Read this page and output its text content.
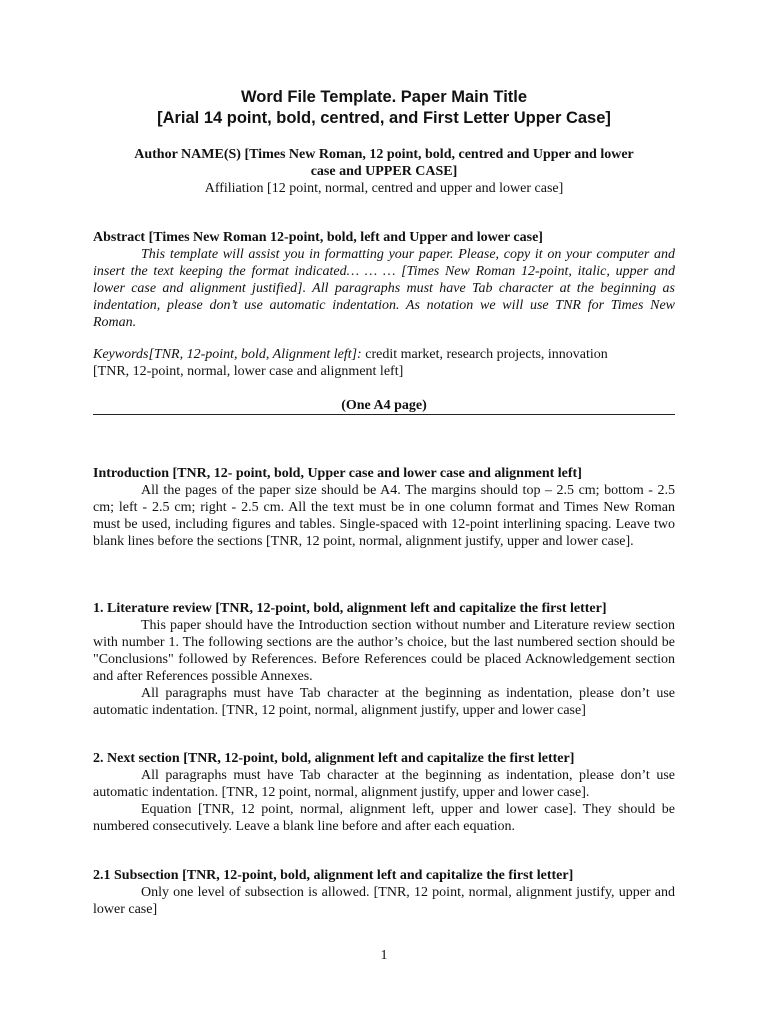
Word File Template. Paper Main Title
[Arial 14 point, bold, centred, and First Letter Upper Case]
Author NAME(S) [Times New Roman, 12 point, bold, centred and Upper and lower
case and UPPER CASE]
Affiliation [12 point, normal, centred and upper and lower case]

Abstract [Times New Roman 12-point, bold, left and Upper and lower case]

This template will assist you in formatting your paper. Please, copy it on your computer and insert the text keeping the format indicated… … … [Times New Roman 12-point, italic, upper and lower case and alignment justified]. All paragraphs must have Tab character at the beginning as indentation, please don’t use automatic indentation. As notation we will use TNR for Times New Roman.

Keywords[TNR, 12-point, bold, Alignment left]: credit market, research projects, innovation

[TNR, 12-point, normal, lower case and alignment left]

(One A4 page)

Introduction [TNR, 12- point, bold, Upper case and lower case and alignment left]

All the pages of the paper size should be A4. The margins should top – 2.5 cm; bottom - 2.5 cm; left - 2.5 cm; right - 2.5 cm. All the text must be in one column format and Times New Roman must be used, including figures and tables. Single-spaced with 12-point interlining spacing. Leave two blank lines before the sections [TNR, 12 point, normal, alignment justify, upper and lower case].

1. Literature review [TNR, 12-point, bold, alignment left and capitalize the first letter]

This paper should have the Introduction section without number and Literature review section with number 1. The following sections are the author’s choice, but the last numbered section should be "Conclusions" followed by References. Before References could be placed Acknowledgement section and after References possible Annexes.

All paragraphs must have Tab character at the beginning as indentation, please don’t use automatic indentation. [TNR, 12 point, normal, alignment justify, upper and lower case]

2. Next section [TNR, 12-point, bold, alignment left and capitalize the first letter]

All paragraphs must have Tab character at the beginning as indentation, please don’t use automatic indentation. [TNR, 12 point, normal, alignment justify, upper and lower case].

Equation [TNR, 12 point, normal, alignment left, upper and lower case]. They should be numbered consecutively. Leave a blank line before and after each equation.

2.1 Subsection [TNR, 12-point, bold, alignment left and capitalize the first letter]

Only one level of subsection is allowed. [TNR, 12 point, normal, alignment justify, upper and lower case]

1
